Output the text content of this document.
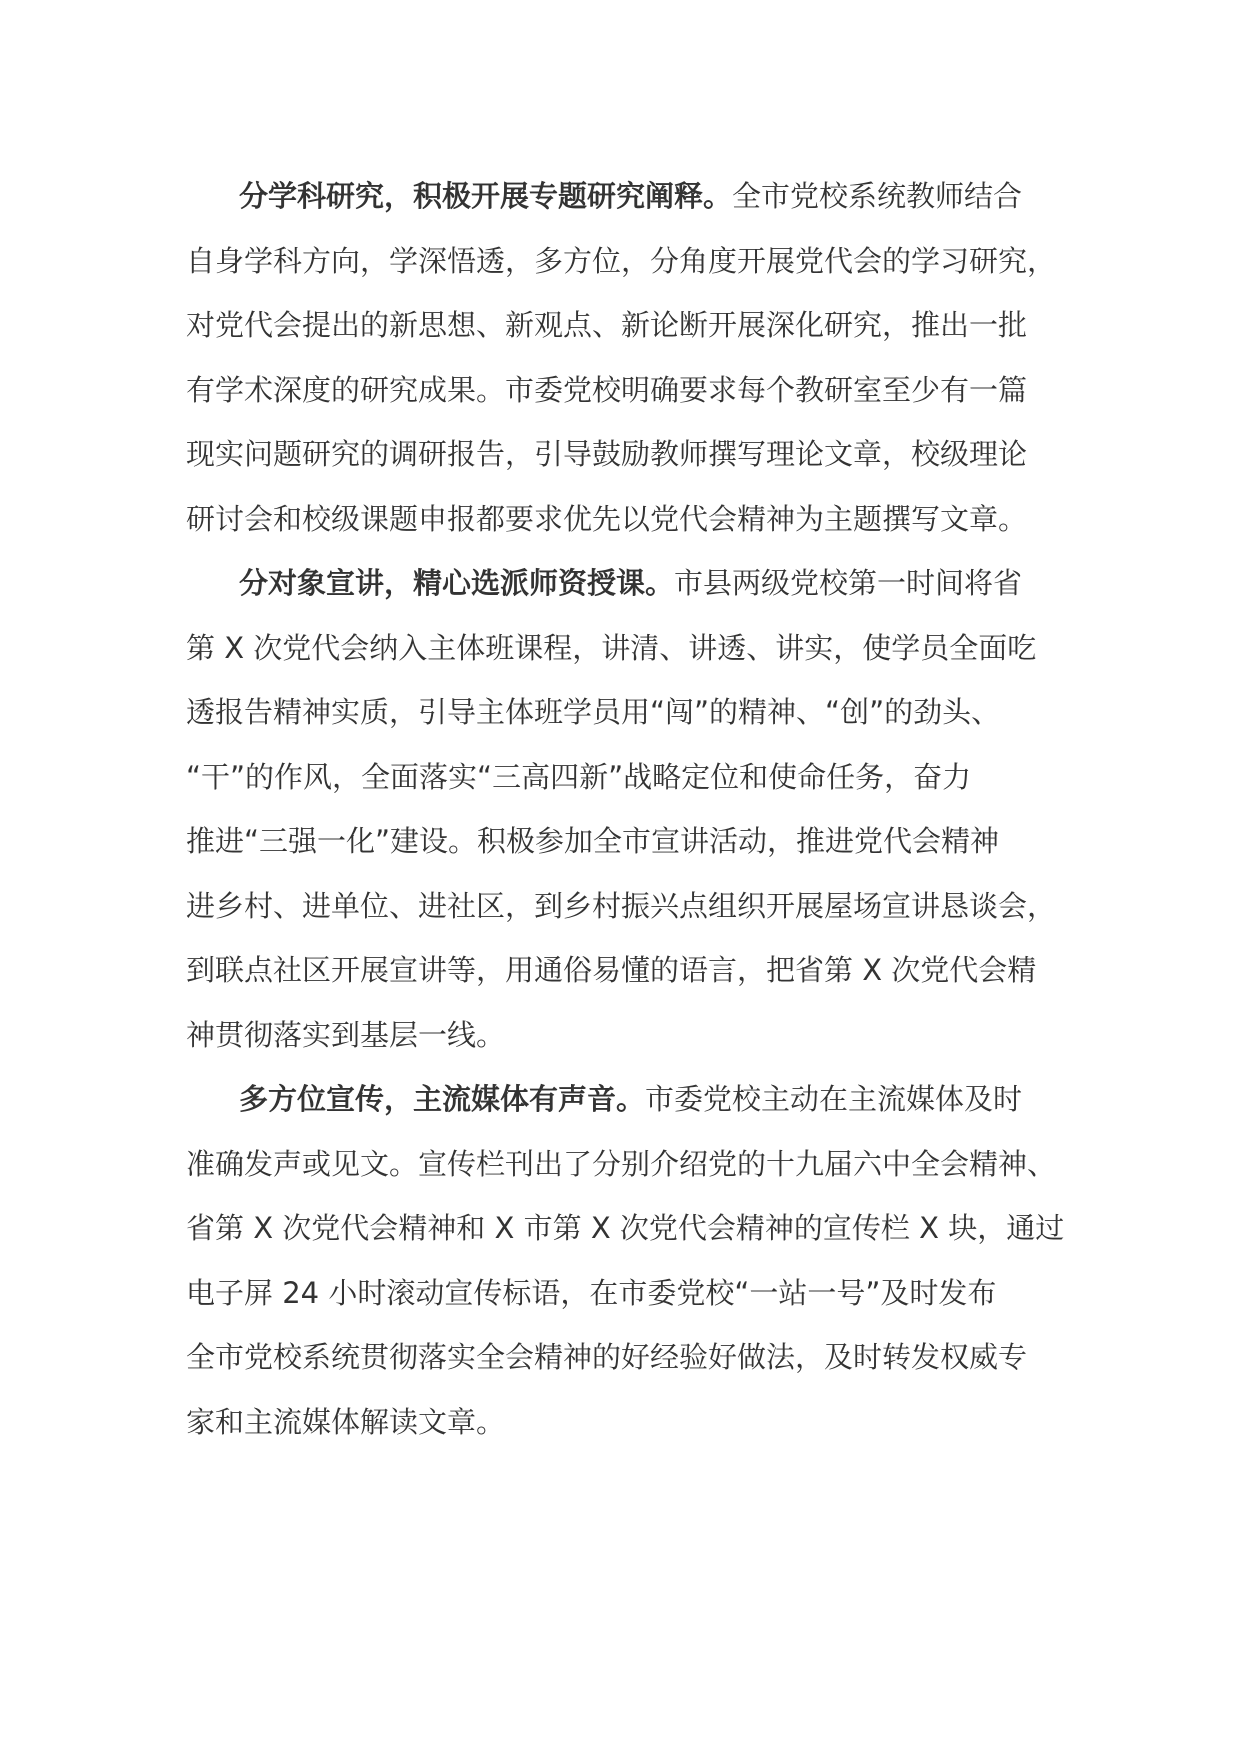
分学科研究，积极开展专题研究阐释。全市党校系统教师结合
自身学科方向，学深悟透，多方位，分角度开展党代会的学习研究，
对党代会提出的新思想、新观点、新论断开展深化研究，推出一批
有学术深度的研究成果。市委党校明确要求每个教研室至少有一篇
现实问题研究的调研报告，引导鼓励教师撰写理论文章，校级理论
研讨会和校级课题申报都要求优先以党代会精神为主题撰写文章。
分对象宣讲，精心选派师资授课。市县两级党校第一时间将省
第 X 次党代会纳入主体班课程，讲清、讲透、讲实，使学员全面吃
透报告精神实质，引导主体班学员用“闯”的精神、“创”的劲头、
“干”的作风，全面落实“三高四新”战略定位和使命任务，奋力
推进“三强一化”建设。积极参加全市宣讲活动，推进党代会精神
进乡村、进单位、进社区，到乡村振兴点组织开展屋场宣讲恳谈会，
到联点社区开展宣讲等，用通俗易懂的语言，把省第 X 次党代会精
神贯彻落实到基层一线。
多方位宣传，主流媒体有声音。市委党校主动在主流媒体及时
准确发声或见文。宣传栏刊出了分别介绍党的十九届六中全会精神、
省第 X 次党代会精神和 X 市第 X 次党代会精神的宣传栏 X 块，通过
电子屏 24 小时滚动宣传标语，在市委党校“一站一号”及时发布
全市党校系统贯彻落实全会精神的好经验好做法，及时转发权威专
家和主流媒体解读文章。
